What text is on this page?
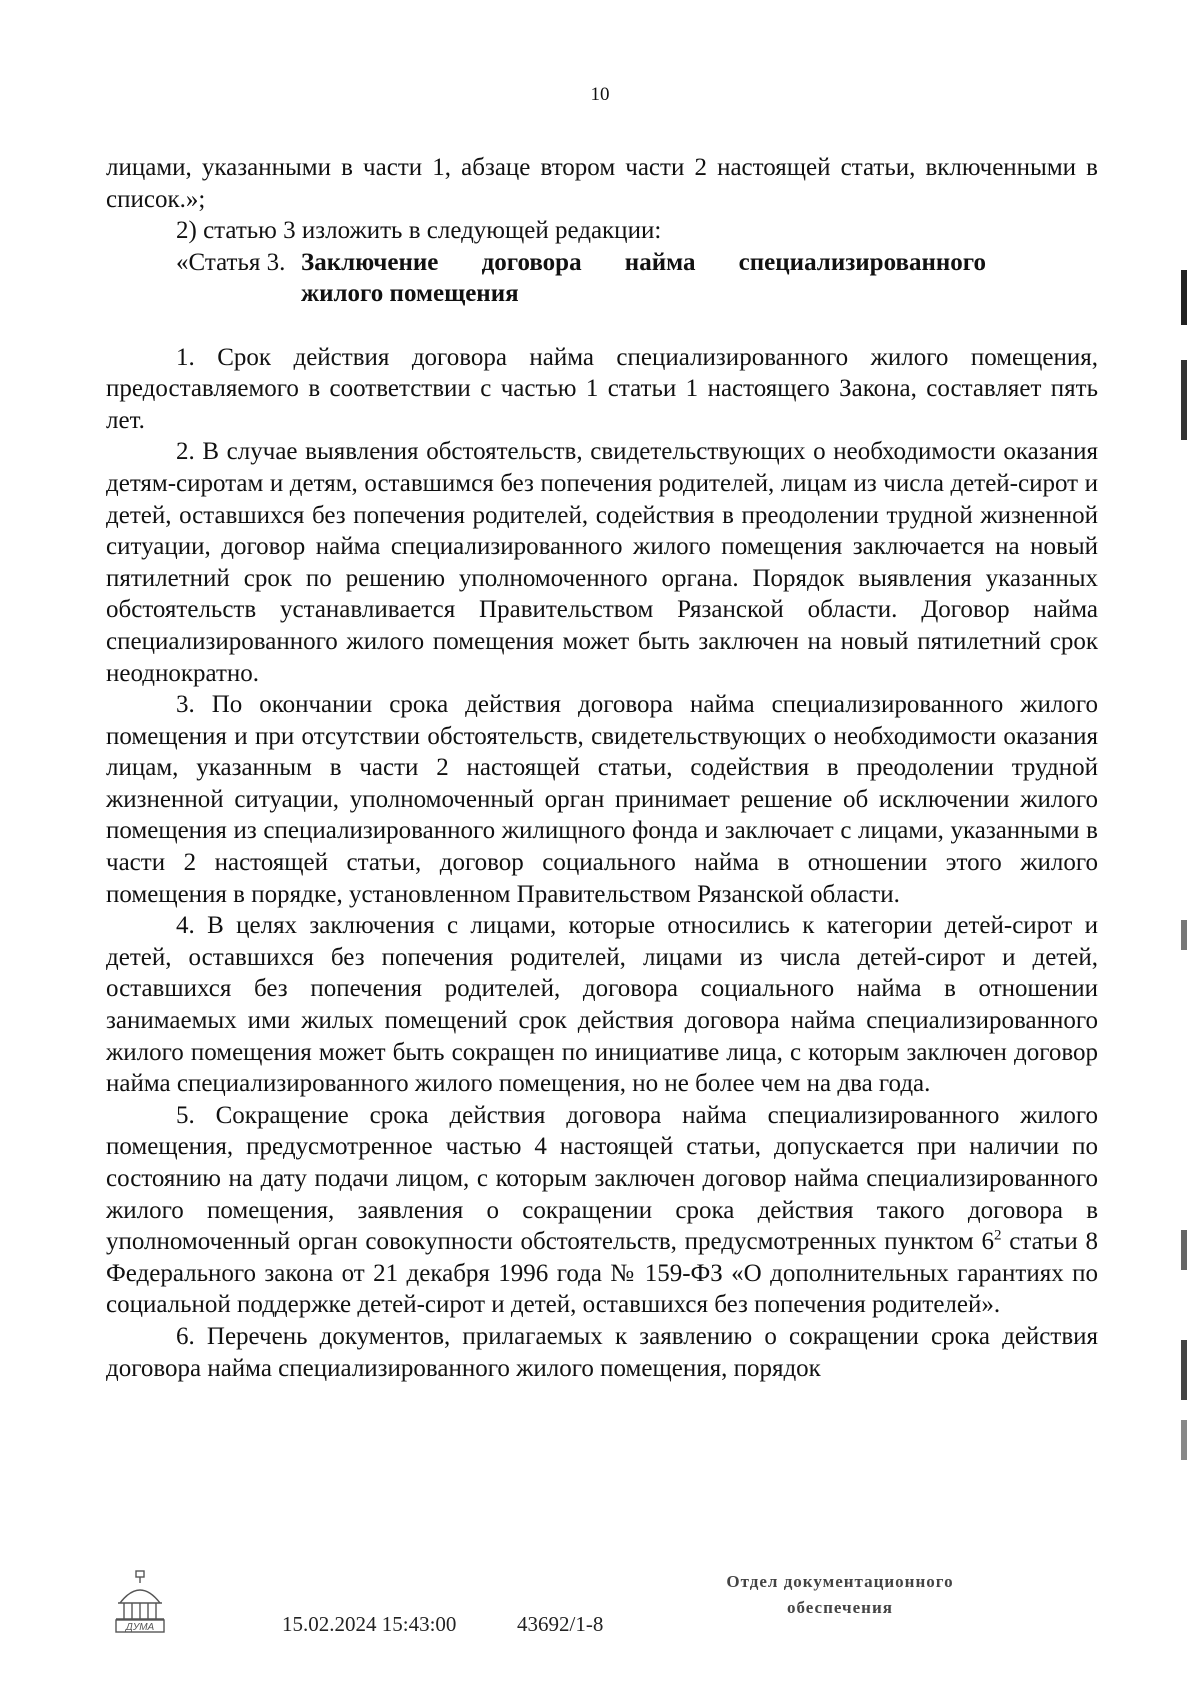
10

лицами, указанными в части 1, абзаце втором части 2 настоящей статьи, включенными в список.»;

2) статью 3 изложить в следующей редакции:

«Статья 3. Заключение договора найма специализированного
жилого помещения

1. Срок действия договора найма специализированного жилого помещения, предоставляемого в соответствии с частью 1 статьи 1 настоящего Закона, составляет пять лет.

2. В случае выявления обстоятельств, свидетельствующих о необходимости оказания детям-сиротам и детям, оставшимся без попечения родителей, лицам из числа детей-сирот и детей, оставшихся без попечения родителей, содействия в преодолении трудной жизненной ситуации, договор найма специализированного жилого помещения заключается на новый пятилетний срок по решению уполномоченного органа. Порядок выявления указанных обстоятельств устанавливается Правительством Рязанской области. Договор найма специализированного жилого помещения может быть заключен на новый пятилетний срок неоднократно.

3. По окончании срока действия договора найма специализированного жилого помещения и при отсутствии обстоятельств, свидетельствующих о необходимости оказания лицам, указанным в части 2 настоящей статьи, содействия в преодолении трудной жизненной ситуации, уполномоченный орган принимает решение об исключении жилого помещения из специализированного жилищного фонда и заключает с лицами, указанными в части 2 настоящей статьи, договор социального найма в отношении этого жилого помещения в порядке, установленном Правительством Рязанской области.

4. В целях заключения с лицами, которые относились к категории детей-сирот и детей, оставшихся без попечения родителей, лицами из числа детей-сирот и детей, оставшихся без попечения родителей, договора социального найма в отношении занимаемых ими жилых помещений срок действия договора найма специализированного жилого помещения может быть сокращен по инициативе лица, с которым заключен договор найма специализированного жилого помещения, но не более чем на два года.

5. Сокращение срока действия договора найма специализированного жилого помещения, предусмотренное частью 4 настоящей статьи, допускается при наличии по состоянию на дату подачи лицом, с которым заключен договор найма специализированного жилого помещения, заявления о сокращении срока действия такого договора в уполномоченный орган совокупности обстоятельств, предусмотренных пунктом $6^2$ статьи 8 Федерального закона от 21 декабря 1996 года № 159-ФЗ «О дополнительных гарантиях по социальной поддержке детей-сирот и детей, оставшихся без попечения родителей».

6. Перечень документов, прилагаемых к заявлению о сокращении срока действия договора найма специализированного жилого помещения, порядок

ДУМА	15.02.2024 15:43:00	43692/1-8
Отдел документационного
обеспечения
